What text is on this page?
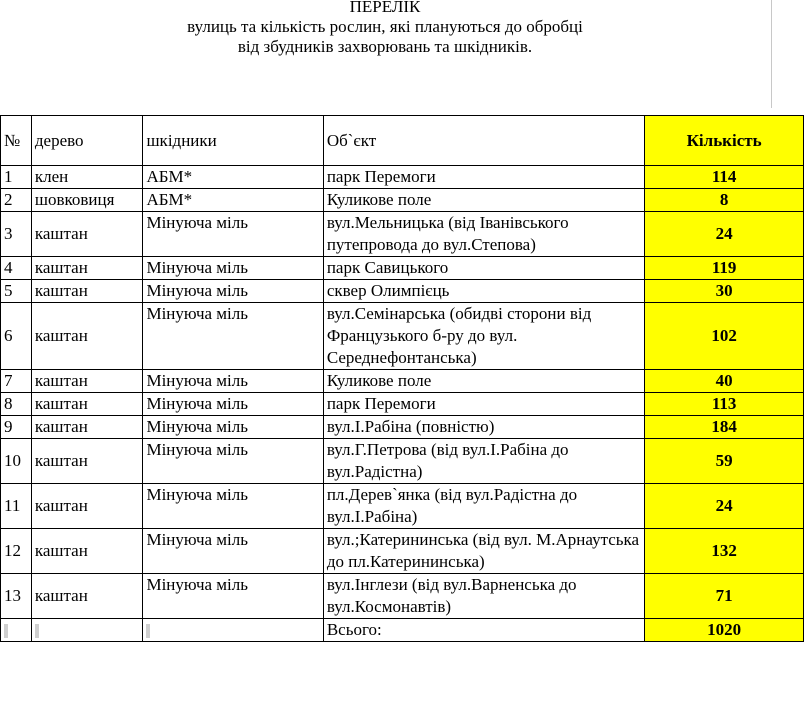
ПЕРЕЛІК
вулиць та кількість рослин, які плануються до обробці
від збудників захворювань та шкідників.
№	дерево	шкідники	Об`єкт	Кількість
1	клен	АБМ*	парк Перемоги	114
2	шовковиця	АБМ*	Куликове поле	8
3	каштан	Мінуюча міль	вул.Мельницька (від Іванівського путепровода до вул.Степова)	24
4	каштан	Мінуюча міль	парк Савицького	119
5	каштан	Мінуюча міль	сквер Олимпієць	30
6	каштан	Мінуюча міль	вул.Семінарська (обидві сторони від Французького б-ру до вул. Середнефонтанська)	102
7	каштан	Мінуюча міль	Куликове поле	40
8	каштан	Мінуюча міль	парк Перемоги	113
9	каштан	Мінуюча міль	вул.І.Рабіна (повністю)	184
10	каштан	Мінуюча міль	вул.Г.Петрова (від вул.І.Рабіна до вул.Радістна)	59
11	каштан	Мінуюча міль	пл.Дерев`янка (від вул.Радістна до вул.І.Рабіна)	24
12	каштан	Мінуюча міль	вул.;Катерининська (від вул. М.Арнаутська до пл.Катерининська)	132
13	каштан	Мінуюча міль	вул.Інглези (від вул.Варненська до вул.Космонавтів)	71
			Всього:	1020
